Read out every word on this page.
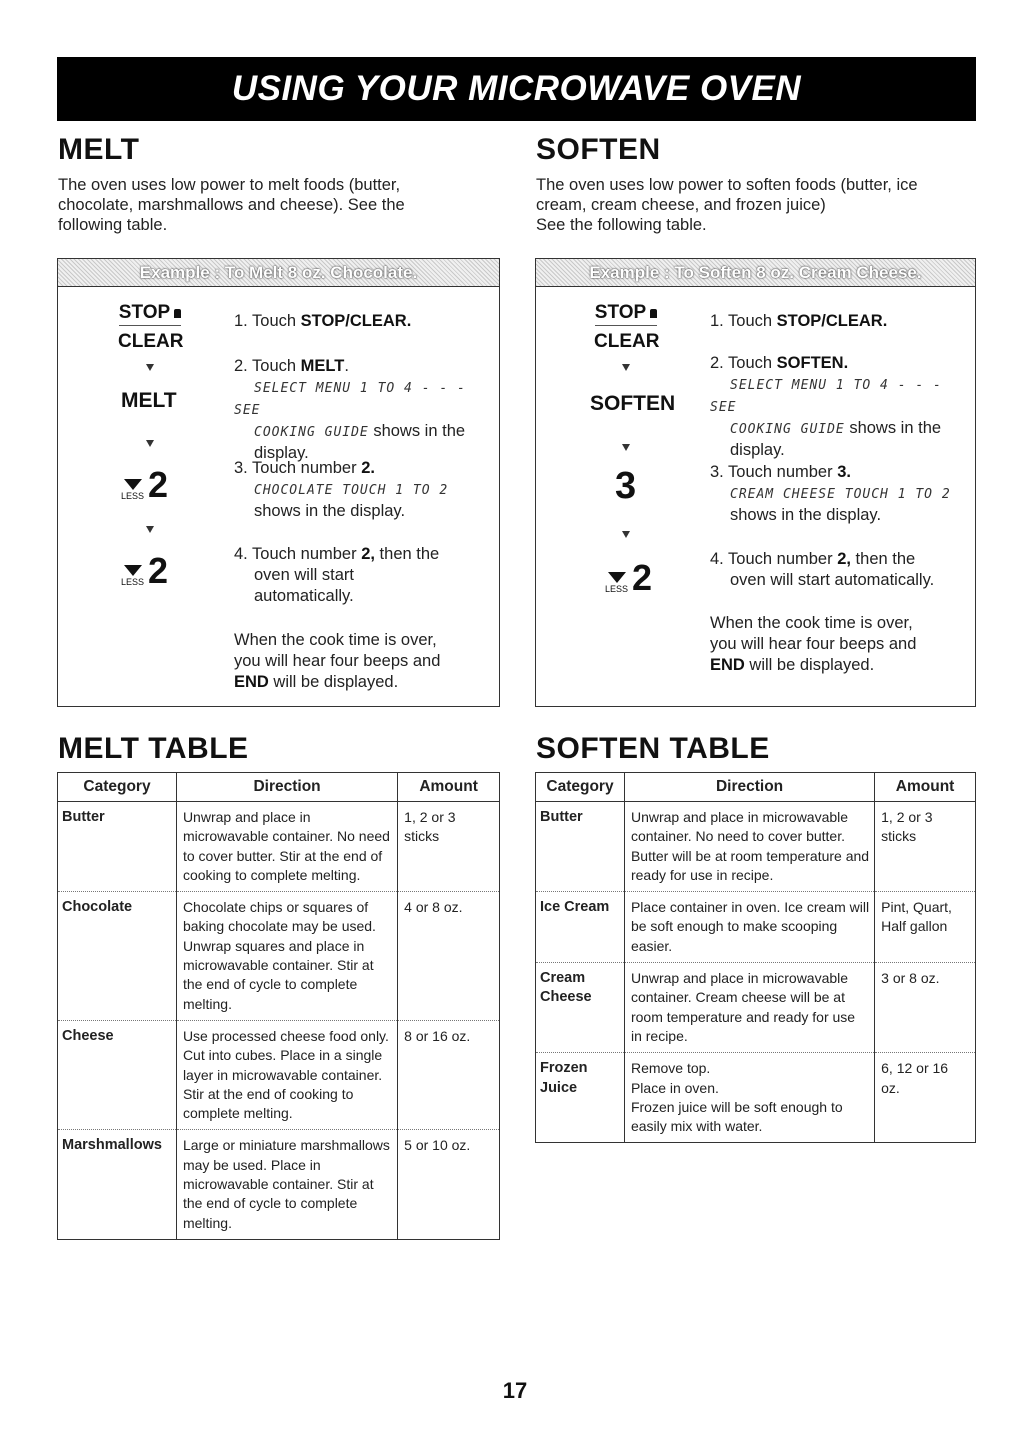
USING YOUR MICROWAVE OVEN
MELT
The oven uses low power to melt foods (butter, chocolate, marshmallows and cheese). See the following table.
Example : To Melt 8 oz. Chocolate.
STOP
CLEAR
MELT
LESS 2
LESS 2
1. Touch STOP/CLEAR.
2. Touch MELT.
SELECT MENU 1 TO 4 - - - SEE
COOKING GUIDE shows in the
display.
3. Touch number 2.
CHOCOLATE TOUCH 1 TO 2
shows in the display.
4. Touch number 2, then the
oven will start
automatically.
When the cook time is over,
you will hear four beeps and
END will be displayed.
SOFTEN
The oven uses low power to soften foods (butter, ice
cream, cream cheese, and frozen juice)
See the following table.
Example : To Soften 8 oz. Cream Cheese.
STOP
CLEAR
SOFTEN
3
LESS 2
1. Touch STOP/CLEAR.
2. Touch SOFTEN.
SELECT MENU 1 TO 4 - - - SEE
COOKING GUIDE shows in the
display.
3. Touch number 3.
CREAM CHEESE TOUCH 1 TO 2
shows in the display.
4. Touch number 2, then the
oven will start automatically.
When the cook time is over,
you will hear four beeps and
END will be displayed.
MELT TABLE
Category	Direction	Amount
Butter	Unwrap and place in microwavable container. No need to cover butter. Stir at the end of cooking to complete melting.	1, 2 or 3 sticks
Chocolate	Chocolate chips or squares of baking chocolate may be used. Unwrap squares and place in microwavable container. Stir at the end of cycle to complete melting.	4 or 8 oz.
Cheese	Use processed cheese food only. Cut into cubes. Place in a single layer in microwavable container. Stir at the end of cooking to complete melting.	8 or 16 oz.
Marshmallows	Large or miniature marshmallows may be used. Place in microwavable container. Stir at the end of cycle to complete melting.	5 or 10 oz.
SOFTEN TABLE
Category	Direction	Amount
Butter	Unwrap and place in microwavable container. No need to cover butter. Butter will be at room temperature and ready for use in recipe.	1, 2 or 3 sticks
Ice Cream	Place container in oven. Ice cream will be soft enough to make scooping easier.	Pint, Quart, Half gallon
Cream Cheese	Unwrap and place in microwavable container. Cream cheese will be at room temperature and ready for use in recipe.	3 or 8 oz.
Frozen Juice	Remove top.
Place in oven.
Frozen juice will be soft enough to easily mix with water.	6, 12 or 16 oz.
17
